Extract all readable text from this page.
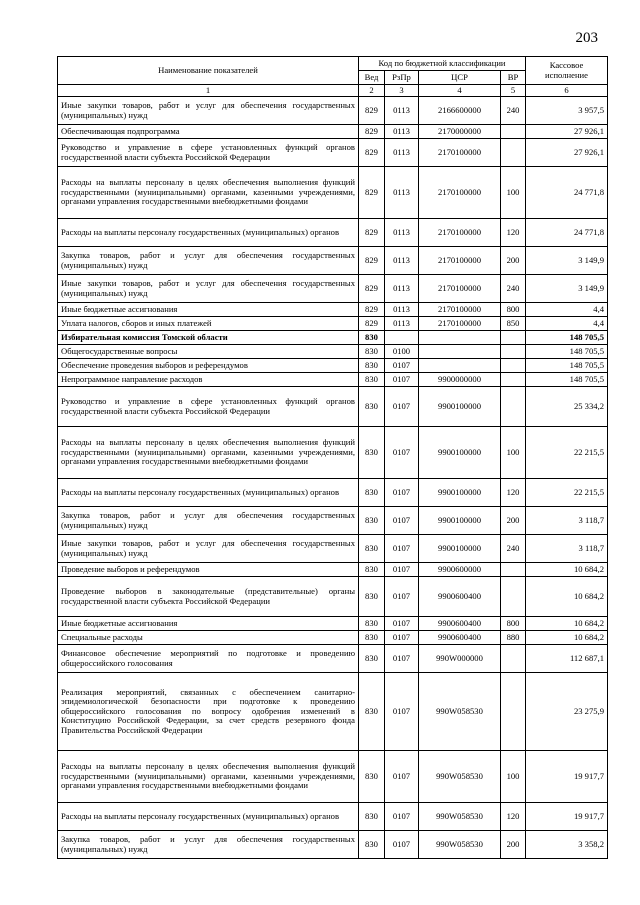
203
Наименование показателей	Код по бюджетной классификации				Кассовое исполнение
	Вед	РзПр	ЦСР	ВР	
1	2	3	4	5	6
Иные закупки товаров, работ и услуг для обеспечения государственных (муниципальных) нужд	829	0113	2166600000	240	3 957,5
Обеспечивающая подпрограмма	829	0113	2170000000		27 926,1
Руководство и управление в сфере установленных функций органов государственной власти субъекта Российской Федерации	829	0113	2170100000		27 926,1
Расходы на выплаты персоналу в целях обеспечения выполнения функций государственными (муниципальными) органами, казенными учреждениями, органами управления государственными внебюджетными фондами	829	0113	2170100000	100	24 771,8
Расходы на выплаты персоналу государственных (муниципальных) органов	829	0113	2170100000	120	24 771,8
Закупка товаров, работ и услуг для обеспечения государственных (муниципальных) нужд	829	0113	2170100000	200	3 149,9
Иные закупки товаров, работ и услуг для обеспечения государственных (муниципальных) нужд	829	0113	2170100000	240	3 149,9
Иные бюджетные ассигнования	829	0113	2170100000	800	4,4
Уплата налогов, сборов и иных платежей	829	0113	2170100000	850	4,4
Избирательная комиссия Томской области	830				148 705,5
Общегосударственные вопросы	830	0100			148 705,5
Обеспечение проведения выборов и референдумов	830	0107			148 705,5
Непрограммное направление расходов	830	0107	9900000000		148 705,5
Руководство и управление в сфере установленных функций органов государственной власти субъекта Российской Федерации	830	0107	9900100000		25 334,2
Расходы на выплаты персоналу в целях обеспечения выполнения функций государственными (муниципальными) органами, казенными учреждениями, органами управления государственными внебюджетными фондами	830	0107	9900100000	100	22 215,5
Расходы на выплаты персоналу государственных (муниципальных) органов	830	0107	9900100000	120	22 215,5
Закупка товаров, работ и услуг для обеспечения государственных (муниципальных) нужд	830	0107	9900100000	200	3 118,7
Иные закупки товаров, работ и услуг для обеспечения государственных (муниципальных) нужд	830	0107	9900100000	240	3 118,7
Проведение выборов и референдумов	830	0107	9900600000		10 684,2
Проведение выборов в законодательные (представительные) органы государственной власти субъекта Российской Федерации	830	0107	9900600400		10 684,2
Иные бюджетные ассигнования	830	0107	9900600400	800	10 684,2
Специальные расходы	830	0107	9900600400	880	10 684,2
Финансовое обеспечение мероприятий по подготовке и проведению общероссийского голосования	830	0107	990W000000		112 687,1
Реализация мероприятий, связанных с обеспечением санитарно- эпидемиологической безопасности при подготовке к проведению общероссийского голосования по вопросу одобрения изменений в Конституцию Российской Федерации, за счет средств резервного фонда Правительства Российской Федерации	830	0107	990W058530		23 275,9
Расходы на выплаты персоналу в целях обеспечения выполнения функций государственными (муниципальными) органами, казенными учреждениями, органами управления государственными внебюджетными фондами	830	0107	990W058530	100	19 917,7
Расходы на выплаты персоналу государственных (муниципальных) органов	830	0107	990W058530	120	19 917,7
Закупка товаров, работ и услуг для обеспечения государственных (муниципальных) нужд	830	0107	990W058530	200	3 358,2
